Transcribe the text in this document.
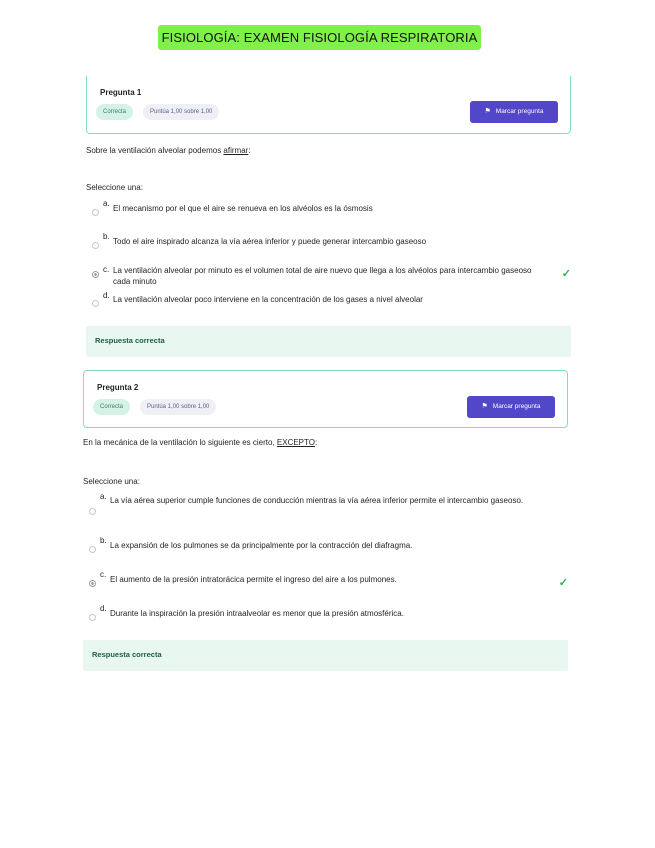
FISIOLOGÍA: EXAMEN FISIOLOGÍA RESPIRATORIA
Pregunta 1
Correcta	Puntúa 1,00 sobre 1,00	⚑ Marcar pregunta
Sobre la ventilación alveolar podemos afirmar:
Seleccione una:
a.
El mecanismo por el que el aire se renueva en los alvéolos es la ósmosis
b.
Todo el aire inspirado alcanza la vía aérea inferior y puede generar intercambio gaseoso
c. La ventilación alveolar por minuto es el volumen total de aire nuevo que llega a los alvéolos para intercambio gaseoso cada minuto
✓
d. La ventilación alveolar poco interviene en la concentración de los gases a nivel alveolar
Respuesta correcta
Pregunta 2
Correcta	Puntúa 1,00 sobre 1,00	⚑ Marcar pregunta
En la mecánica de la ventilación lo siguiente es cierto, EXCEPTO:
Seleccione una:
a. La vía aérea superior cumple funciones de conducción mientras la vía aérea inferior permite el intercambio gaseoso.
b.
La expansión de los pulmones se da principalmente por la contracción del diafragma.
c.
El aumento de la presión intratorácica permite el ingreso del aire a los pulmones.	✓
d.
Durante la inspiración la presión intraalveolar es menor que la presión atmosférica.
Respuesta correcta
